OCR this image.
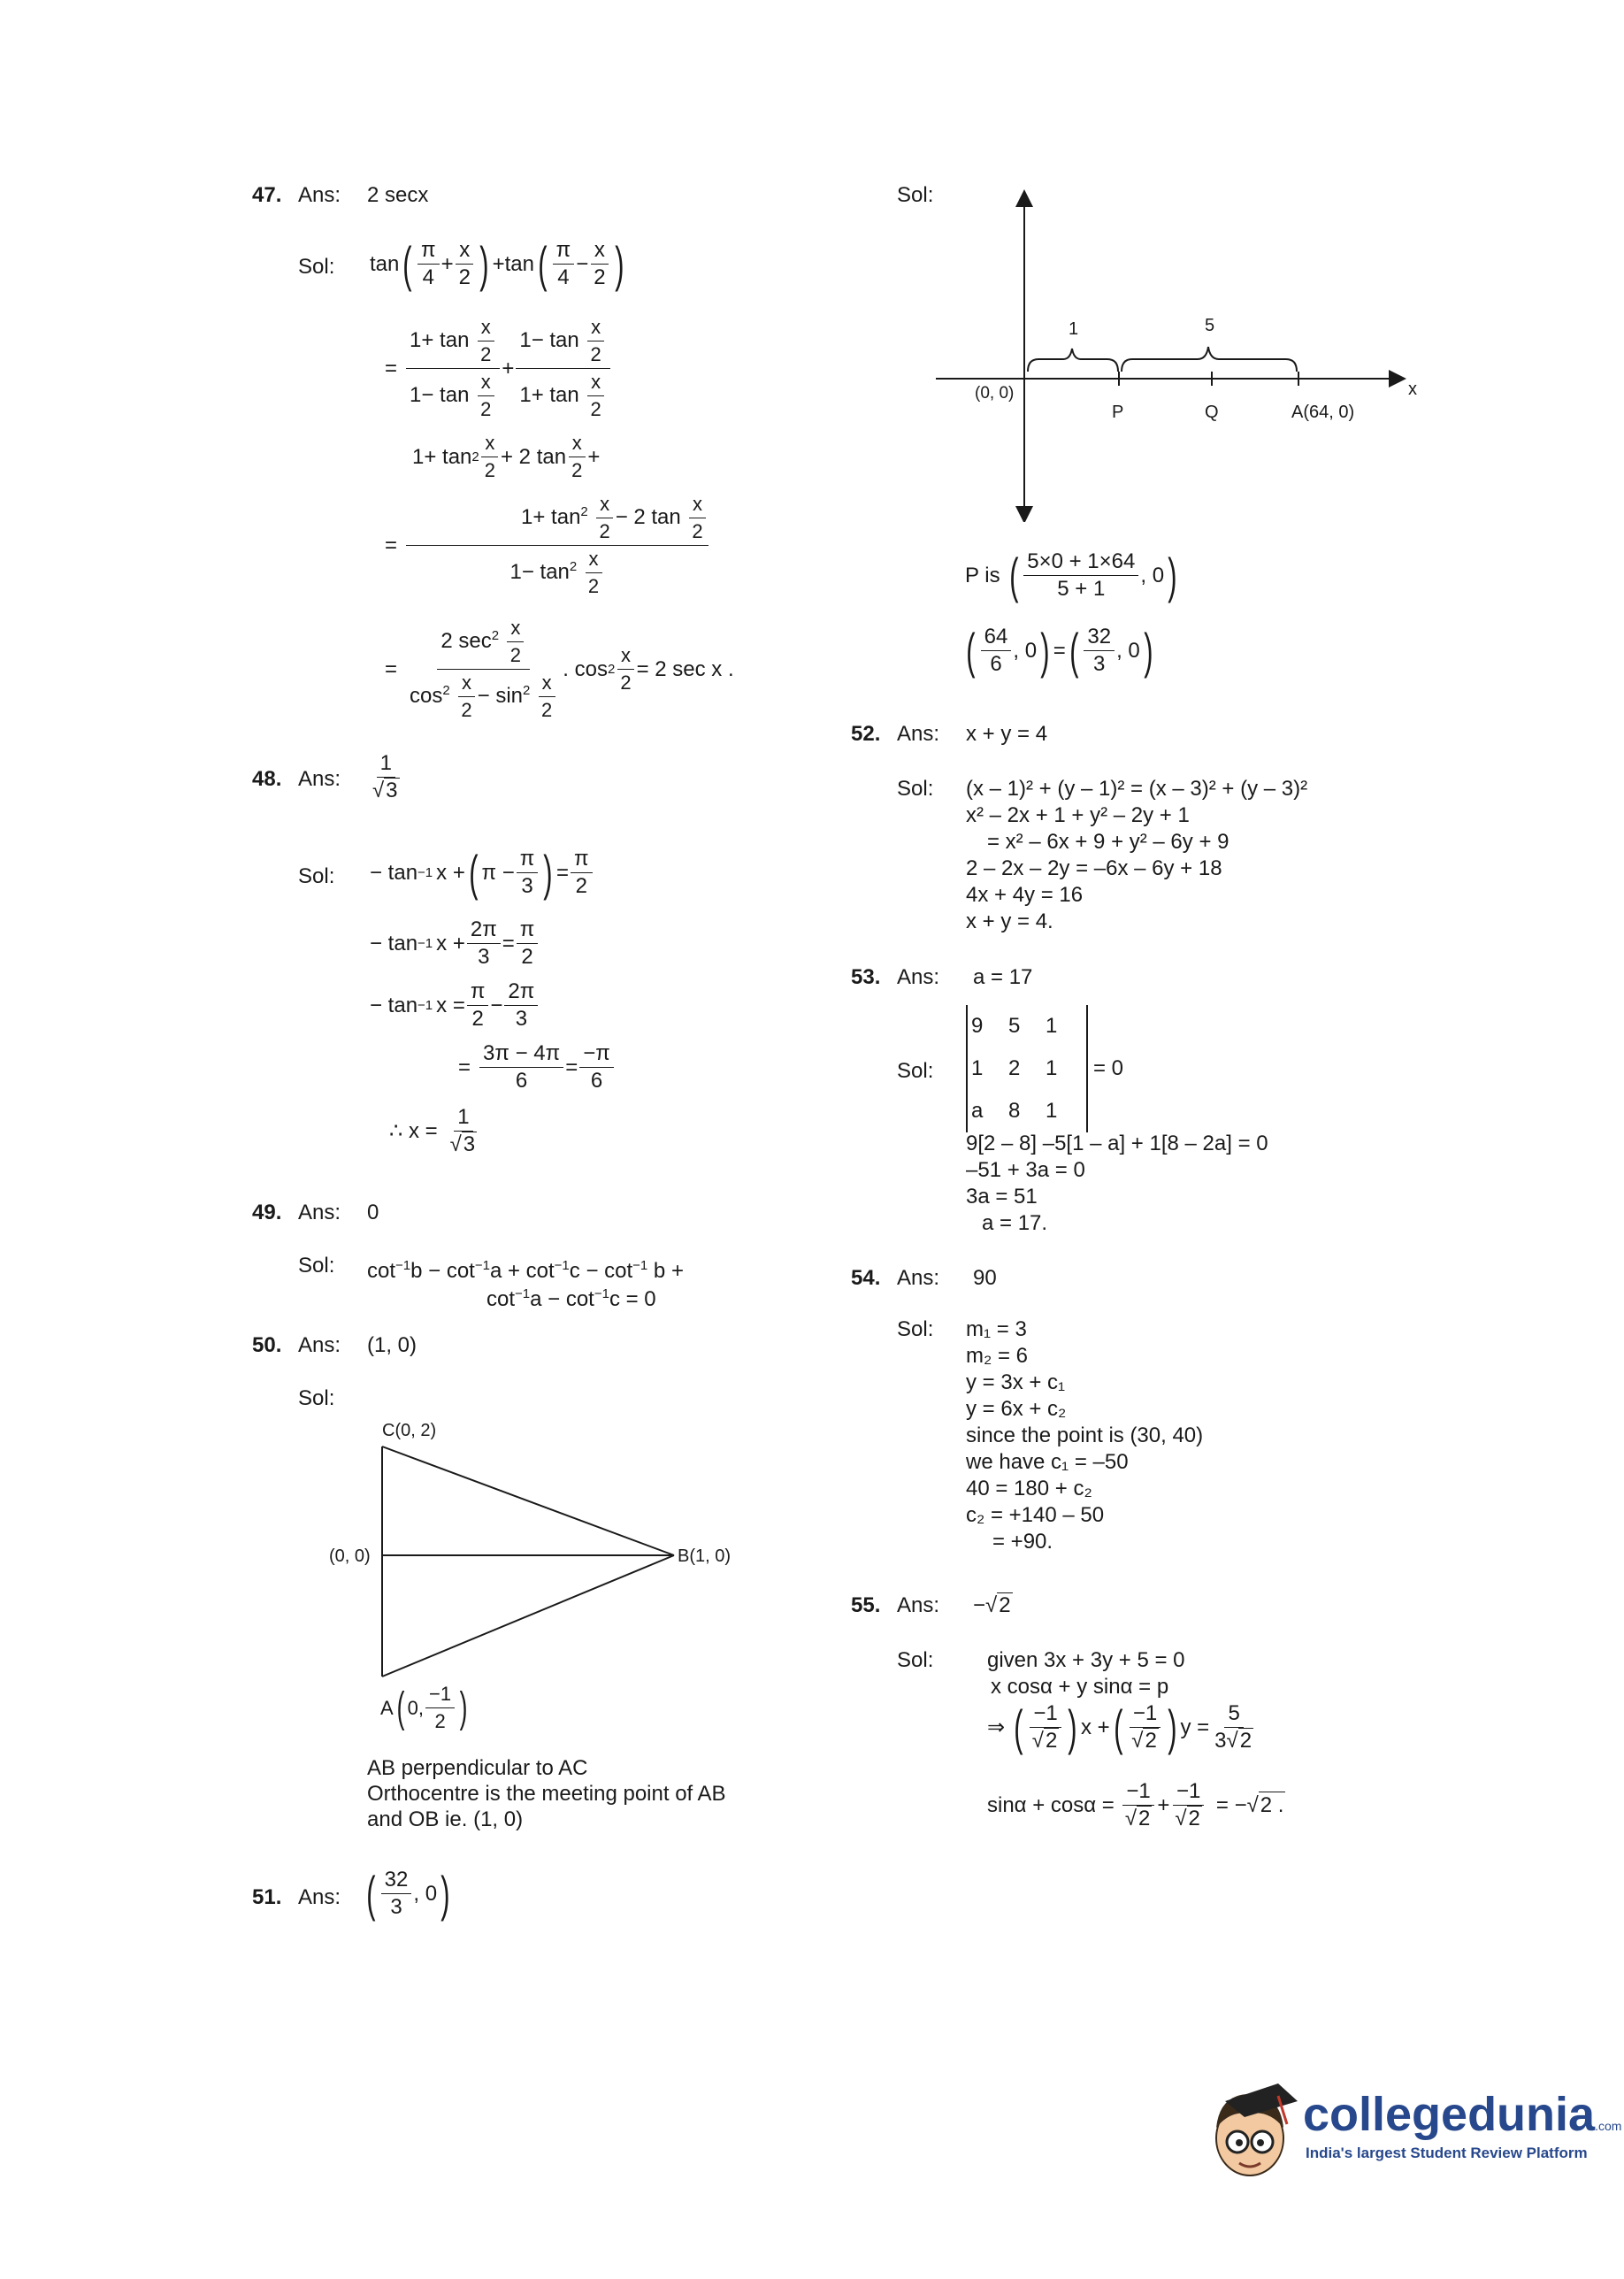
47. Ans: 2 secx
Sol: tan ( $\frac{\pi}{4} + \frac{x}{2}$ ) + tan ( $\frac{\pi}{4} - \frac{x}{2}$ )
= $\frac{1+ \tan \frac{x}{2}}{1- \tan \frac{x}{2}} + \frac{1- \tan \frac{x}{2}}{1+ \tan \frac{x}{2}}$
$1+ \tan 2 \frac{x}{2} + 2$ $\tan \frac{x}{2}$ +
= $\frac{1+ \tan^2 \frac{x}{2} - 2 \tan \frac{x}{2}}{1- \tan^2 \frac{x}{2}}$
= $\frac{2 \sec^2 \frac{x}{2}}{\cos^2 \frac{x}{2} - \sin^2 \frac{x}{2}}$ . $\cos 2 \frac{x}{2} = 2$ sec x .
48. Ans: $\frac{1}{√3}$
Sol: − tan −1 x + ( $\pi - \frac{\pi}{3}$ ) = $\frac{\pi}{2}$
− tan −1 $x + \frac{2\pi}{3} = \frac{\pi}{2}$
− tan −1 $x = \frac{\pi}{2} - \frac{2\pi}{3}$
= $\frac{3\pi - 4\pi}{6} = \frac{-\pi}{6}$
∴ $x = \frac{1}{√3}$
49. Ans: 0
Sol: $\cot^{-1}b - \cot^{-1}a + \cot^{-1}c - \cot^{-1} b$ +
$\cot^{-1}a - \cot^{-1}c = 0$
50. Ans: (1, 0)
Sol:
C(0, 2)
(0, 0)	B(1, 0)
A ( 0, $\frac{-1}{2}$ )
AB perpendicular to AC
Orthocentre is the meeting point of AB
and OB ie. (1, 0)
51. Ans: ( $\frac{32}{3}$ , 0 )
Sol:
1	5
(0, 0)
P	Q	A(64, 0)
x
P is ( $\frac{5\times 0 + 1\times 64}{5 + 1}$ , 0 )
( $\frac{64}{6}$ , 0 ) = ( $\frac{32}{3}$ , 0 )
52. Ans: x + y = 4
Sol: (x – 1)² + (y – 1)² = (x – 3)² + (y – 3)²
x² – 2x + 1 + y² – 2y + 1
= x² – 6x + 9 + y² – 6y + 9
2 – 2x – 2y = –6x – 6y + 18
4x + 4y = 16
x + y = 4.
53. Ans: a = 17
Sol:
9	5	1
1	2	1
a	8	1
= 0
9[2 – 8] –5[1 – a] + 1[8 – 2a] = 0
–51 + 3a = 0
3a = 51
a = 17.
54. Ans: 90
Sol: m₁ = 3
m₂ = 6
y = 3x + c₁
y = 6x + c₂
since the point is (30, 40)
we have c₁ = –50
40 = 180 + c₂
c₂ = +140 – 50
= +90.
55. Ans: −√2
Sol:	given 3x + 3y + 5 = 0
x cosα + y sinα = p
⇒ ( $\frac{-1}{√2}$ ) x + ( $\frac{-1}{√2}$ ) $y = \frac{5}{3√2}$
$\sin\alpha + \cos\alpha = \frac{-1}{√2} + \frac{-1}{√2}$ = − √ 2 .
collegedunia.com
India's largest Student Review Platform
